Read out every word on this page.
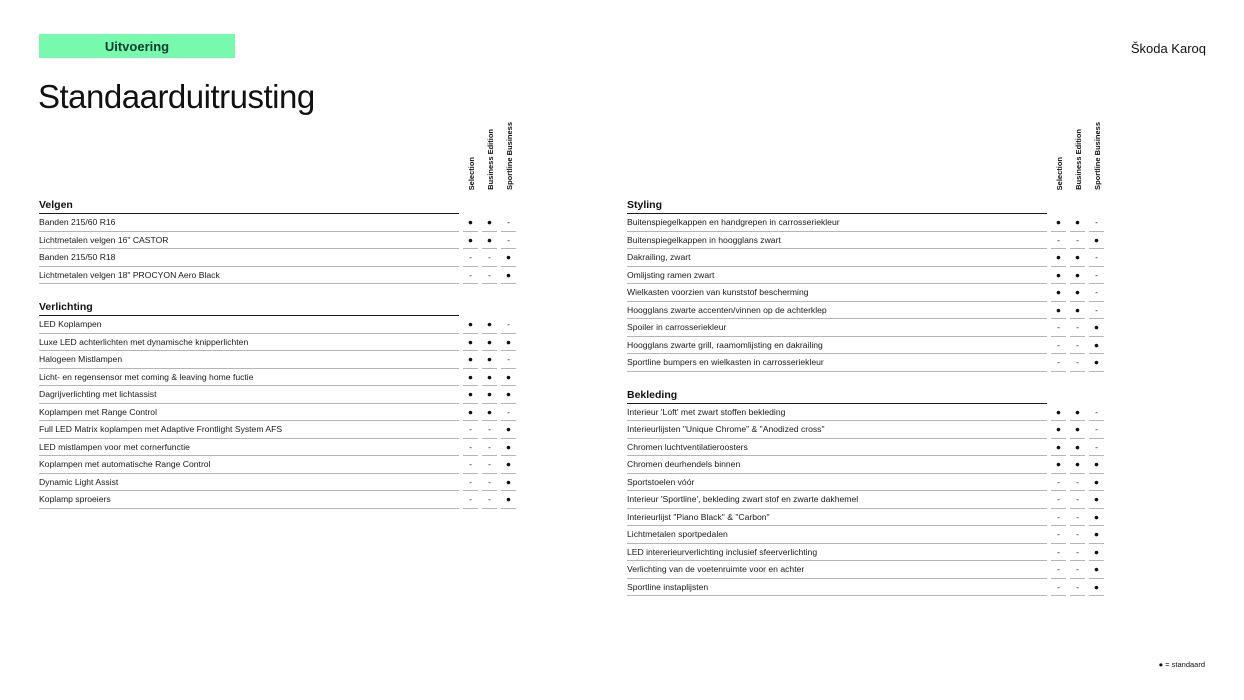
Uitvoering	Škoda Karoq
Standaarduitrusting
Selection Business Edition Sportline Business
Velgen
Banden 215/60 R16	●	●	-
Lichtmetalen velgen 16" CASTOR	●	●	-
Banden 215/50 R18	-	-	●
Lichtmetalen velgen 18" PROCYON Aero Black	-	-	●
Verlichting
LED Koplampen	●	●	-
Luxe LED achterlichten met dynamische knipperlichten	●	●	●
Halogeen Mistlampen	●	●	-
Licht- en regensensor met coming & leaving home fuctie	●	●	●
Dagrijverlichting met lichtassist	●	●	●
Koplampen met Range Control	●	●	-
Full LED Matrix koplampen met Adaptive Frontlight System AFS	-	-	●
LED mistlampen voor met cornerfunctie	-	-	●
Koplampen met automatische Range Control	-	-	●
Dynamic Light Assist	-	-	●
Koplamp sproeiers	-	-	●
Selection Business Edition Sportline Business
Styling
Buitenspiegelkappen en handgrepen in carrosseriekleur	●	●	-
Buitenspiegelkappen in hoogglans zwart	-	-	●
Dakrailing, zwart	●	●	-
Omlijsting ramen zwart	●	●	-
Wielkasten voorzien van kunststof bescherming	●	●	-
Hoogglans zwarte accenten/vinnen op de achterklep	●	●	-
Spoiler in carrosseriekleur	-	-	●
Hoogglans zwarte grill, raamomlijsting en dakrailing	-	-	●
Sportline bumpers en wielkasten in carrosseriekleur	-	-	●
Bekleding
Interieur 'Loft' met zwart stoffen bekleding	●	●	-
Interieurlijsten "Unique Chrome" & "Anodized cross"	●	●	-
Chromen luchtventilatieroosters	●	●	-
Chromen deurhendels binnen	●	●	●
Sportstoelen vóór	-	-	●
Interieur 'Sportline', bekleding zwart stof en zwarte dakhemel	-	-	●
Interieurlijst "Piano Black" & "Carbon"	-	-	●
Lichtmetalen sportpedalen	-	-	●
LED intererieurverlichting inclusief sfeerverlichting	-	-	●
Verlichting van de voetenruimte voor en achter	-	-	●
Sportline instaplijsten	-	-	●
● = standaard
